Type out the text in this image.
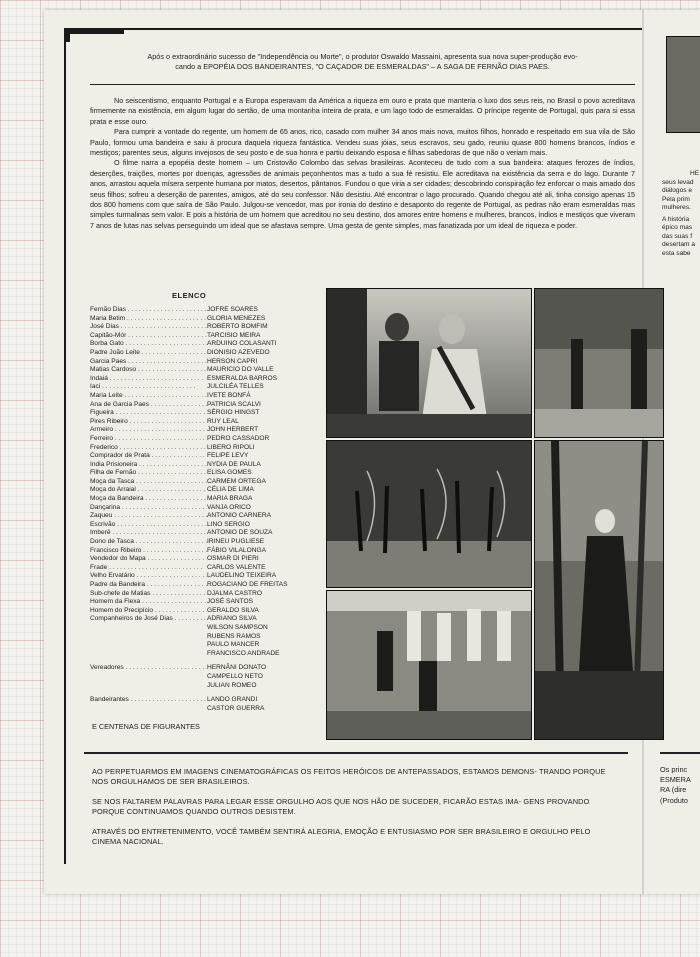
Após o extraordinário sucesso de "Independência ou Morte", o produtor Oswaldo Massaini, apresenta sua nova super-produção evo-
cando a EPOPÉIA DOS BANDEIRANTES, "O CAÇADOR DE ESMERALDAS" – A SAGA DE FERNÃO DIAS PAES.

No seiscentismo, enquanto Portugal e a Europa esperavam da América a riqueza em ouro e prata que manteria o luxo dos seus reis, no Brasil o povo acreditava firmemente na existência, em algum lugar do sertão, de uma montanha inteira de prata, e um lago todo de esmeraldas. O príncipe regente de Portugal, quis para si essa prata e esse ouro.

Para cumprir a vontade do regente, um homem de 65 anos, rico, casado com mulher 34 anos mais nova, muitos filhos, honrado e respeitado em sua vila de São Paulo, formou uma bandeira e saiu à procura daquela riqueza fantástica. Vendeu suas jóias, seus escravos, seu gado, reuniu quase 800 homens brancos, índios e mestiços; parentes seus, alguns invejosos de seu posto e de sua honra e partiu deixando esposa e filhas sabedoras de que não o veriam mais.

O filme narra a epopéia deste homem – um Cristovão Colombo das selvas brasileiras. Aconteceu de tudo com a sua bandeira: ataques ferozes de índios, deserções, traições, mortes por doenças, agressões de animais peçonhentos mas a tudo a sua fé resistiu. Ele acreditava na existência da serra e do lago. Durante 7 anos, arrastou aquela mísera serpente humana por matos, desertos, pântanos. Fundou o que viria a ser cidades; descobrindo conspiração fez enforcar o mais amado dos seus filhos; sofreu a deserção de parentes, amigos, até do seu confessor. Não desistiu. Até encontrar o lago procurado. Quando chegou até ali, tinha consigo apenas 15 dos 800 homens com que saíra de São Paulo. Julgou-se vencedor, mas por ironia do destino e desaponto do regente de Portugal, as pedras não eram esmeraldas mas simples turmalinas sem valor. E pois a história de um homem que acreditou no seu destino, dos amores entre homens e mulheres, brancos, índios e mestiços que viveram 7 anos de lutas nas selvas perseguindo um ideal que se afastava sempre. Uma gesta de gente simples, mas fanatizada por um ideal de riqueza e poder.

ELENCO
Fernão Dias . . .	JOFRE SOARES
Maria Betim . . .	GLORIA MENEZES
José Dias . . .	ROBERTO BOMFIM
Capitão-Mór . . .	TARCISIO MEIRA
Borba Gato . . .	ARDUINO COLASANTI
Padre João Leite . . .	DIONISIO AZEVEDO
Garcia Paes . . .	HERSON CAPRI
Matias Cardoso . . .	MAURICIO DO VALLE
Indaiá . . .	ESMERALDA BARROS
Iaci . . .	JULCILÉA TELLES
Maria Leite . . .	IVETE BONFÁ
Ana de Garcia Paes . . .	PATRICIA SCALVI
Figueira . . .	SÉRGIO HINGST
Pires Ribeiro . . .	RUY LEAL
Armeiro . . .	JOHN HERBERT
Ferreiro . . .	PEDRO CASSADOR
Frederico . . .	LIBERO RIPOLI
Comprador de Prata . . .	FELIPE LEVY
India Prisioneira . . .	NYDIA DE PAULA
Filha de Fernão . . .	ELISA GOMES
Moça da Tasca . . .	CARMEM ORTEGA
Moça do Arraial . . .	CÉLIA DE LIMA
Moça da Bandeira . . .	MARIA BRAGA
Dançarina . . .	VANJA ORICO
Zaqueu . . .	ANTONIO CARNERA
Escrivão . . .	LINO SERGIO
Imberê . . .	ANTONIO DE SOUZA
Dono de Tasca . . .	IRINEU PUGLIESE
Francisco Ribeiro . . .	FÁBIO VILALONGA
Vendedor do Mapa . . .	OSMAR DI PIERI
Frade . . .	CARLOS VALENTE
Velho Ervatário . . .	LAUDELINO TEIXEIRA
Padre da Bandeira . . .	ROGACIANO DE FREITAS
Sub-chefe de Matias . . .	DJALMA CASTRO
Homem da Flexa . . .	JOSÉ SANTOS
Homem do Precipício . . .	GERALDO SILVA
Companheiros de José Dias . . .	ADRIANO SILVA
WILSON SAMPSON
RUBENS RAMOS
PAULO MANCER
FRANCISCO ANDRADE
Vereadores . . .	HERNÂNI DONATO
CAMPELLO NETO
JULIAN ROMEO
Bandeirantes . . .	LANDO GRANDI
CASTOR GUERRA
E CENTENAS DE FIGURANTES

AO PERPETUARMOS EM IMAGENS CINEMATOGRÁFICAS OS FEITOS HERÓICOS DE ANTEPASSADOS, ESTAMOS DEMONS- TRANDO PORQUE NOS ORGULHAMOS DE SER BRASILEIROS.

SE NOS FALTAREM PALAVRAS PARA LEGAR ESSE ORGULHO AOS QUE NOS HÃO DE SUCEDER, FICARÃO ESTAS IMA- GENS PROVANDO PORQUE CONTINUAMOS QUANDO OUTROS DESISTEM.

ATRAVÉS DO ENTRETENIMENTO, VOCÊ TAMBÉM SENTIRÁ ALEGRIA, EMOÇÃO E ENTUSIASMO POR SER BRASILEIRO E ORGULHO PELO CINEMA NACIONAL.

HE
seus levad
diálogos e
Pela prim
mulheres.
A história
épico mas
das suas f
desertam a
esta sabe
Os princ
ESMERA
RA (dire
(Produto
